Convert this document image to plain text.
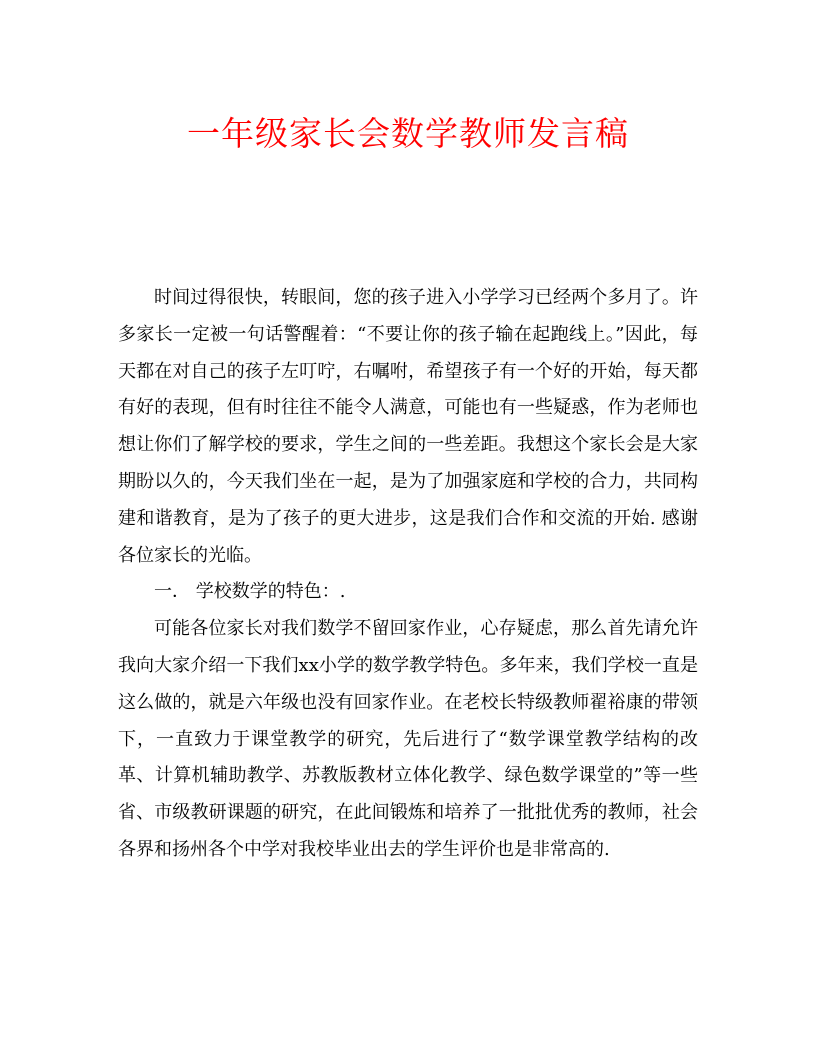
一年级家长会数学教师发言稿

时间过得很快，转眼间，您的孩子进入小学学习已经两个多月了。许多家长一定被一句话警醒着：“不要让你的孩子输在起跑线上。”因此，每天都在对自己的孩子左叮咛，右嘱咐，希望孩子有一个好的开始，每天都有好的表现，但有时往往不能令人满意，可能也有一些疑惑，作为老师也想让你们了解学校的要求，学生之间的一些差距。我想这个家长会是大家期盼以久的，今天我们坐在一起，是为了加强家庭和学校的合力，共同构建和谐教育，是为了孩子的更大进步，这是我们合作和交流的开始. 感谢各位家长的光临。

一． 学校数学的特色：.

可能各位家长对我们数学不留回家作业，心存疑虑，那么首先请允许我向大家介绍一下我们xx小学的数学教学特色。多年来，我们学校一直是这么做的，就是六年级也没有回家作业。在老校长特级教师翟裕康的带领下，一直致力于课堂教学的研究，先后进行了“数学课堂教学结构的改革、计算机辅助教学、苏教版教材立体化教学、绿色数学课堂的”等一些省、市级教研课题的研究，在此间锻炼和培养了一批批优秀的教师，社会各界和扬州各个中学对我校毕业出去的学生评价也是非常高的.
